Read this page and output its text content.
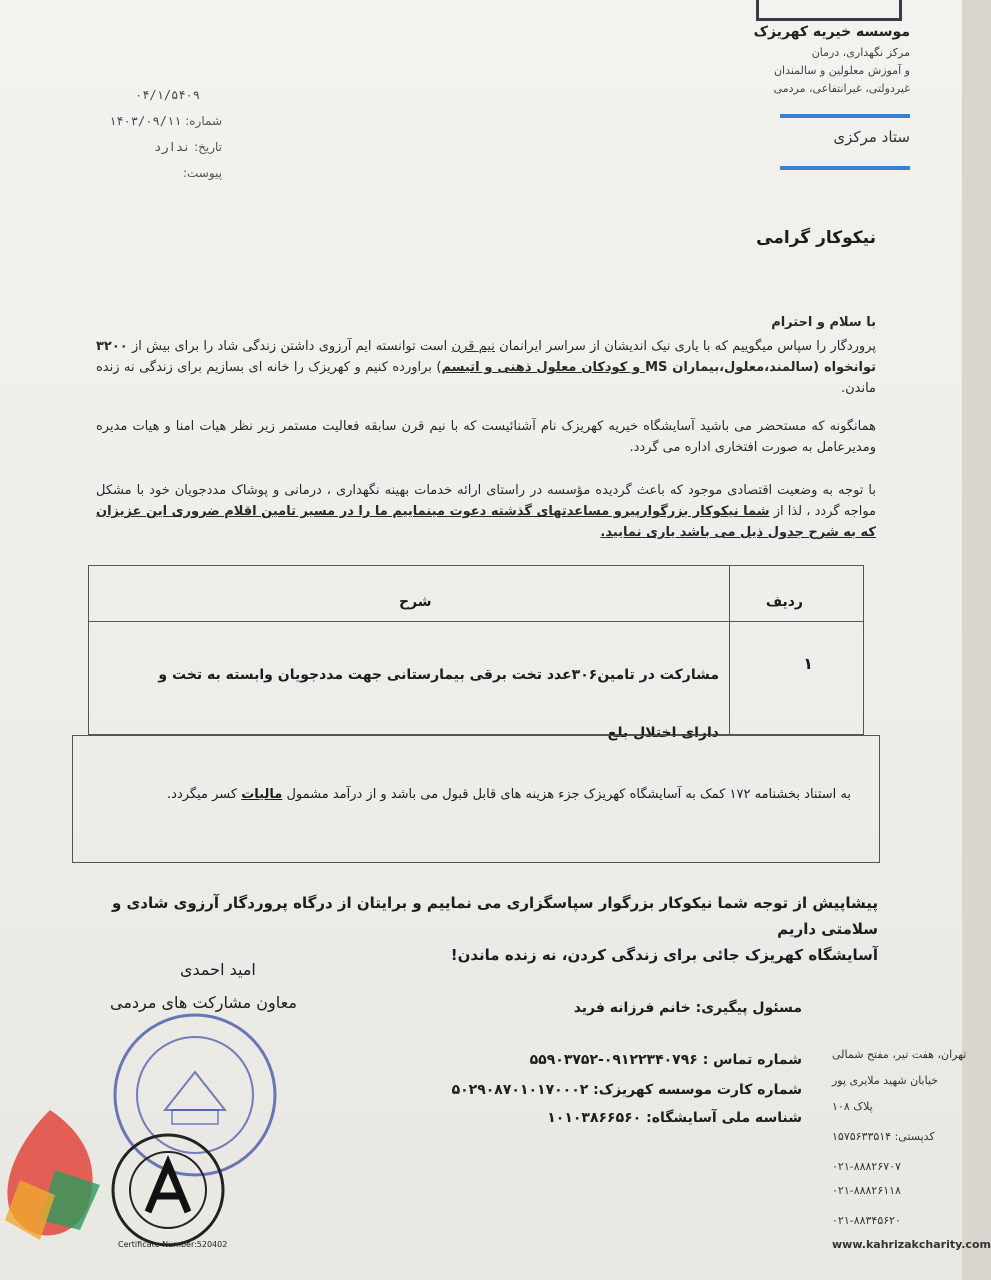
موسسه خیریه کهریزک
مرکز نگهداری، درمان
و آموزش معلولین و سالمندان
غیردولتی، غیرانتفاعی، مردمی
ستاد مرکزی
۰۴/۱/۵۴۰۹
شماره: ۱۴۰۳/۰۹/۱۱
تاریخ: ندارد
پیوست:
نیکوکار گرامی
با سلام و احترام
پروردگار را سپاس میگوییم که با یاری نیک اندیشان از سراسر ایرانمان نیم قرن است توانسته ایم آرزوی داشتن زندگی شاد را برای بیش از ۳۲۰۰ توانخواه (سالمند،معلول،بیماران MS و کودکان معلول ذهنی و اتیسم) براورده کنیم و کهریزک را خانه ای بسازیم برای زندگی نه زنده ماندن.
همانگونه که مستحضر می باشید آسایشگاه خیریه کهریزک نام آشنائیست که با نیم قرن سابقه فعالیت مستمر زیر نظر هیات امنا و هیات مدیره ومدیرعامل به صورت افتخاری اداره می گردد.
با توجه به وضعیت اقتصادی موجود که باعث گردیده مؤسسه در راستای ارائه خدمات بهینه نگهداری ، درمانی و پوشاک مددجویان خود با مشکل مواجه گردد ، لذا از شما نیکوکار بزرگوارپیرو مساعدتهای گذشته دعوت مینماییم ما را در مسیر تامین اقلام ضروری این عزیزان که به شرح جدول ذیل می باشد یاری نمایید.
ردیف
شرح
۱
مشارکت در تامین۳۰۶عدد تخت برقی بیمارستانی جهت مددجویان وابسته به تخت و دارای اختلال بلع
به استناد بخشنامه ۱۷۲ کمک به آسایشگاه کهریزک جزء هزینه های قابل قبول می باشد و از درآمد مشمول مالیات کسر میگردد.
پیشاپیش از توجه شما نیکوکار بزرگوار سپاسگزاری می نماییم و برایتان از درگاه پروردگار آرزوی شادی و سلامتی داریم
آسایشگاه کهریزک جائی برای زندگی کردن، نه زنده ماندن!
امید احمدی
معاون مشارکت های مردمی	مسئول پیگیری: خانم فرزانه فرید
شماره تماس : ۰۹۱۲۲۳۴۰۷۹۶-۵۵۹۰۳۷۵۲
شماره کارت موسسه کهریزک: ۵۰۲۹۰۸۷۰۱۰۱۷۰۰۰۲
شناسه ملی آسایشگاه: ۱۰۱۰۳۸۶۶۵۶۰
تهران، هفت تیر، مفتح شمالی
خیابان شهید ملایری پور
پلاک ۱۰۸
کدپستی: ۱۵۷۵۶۳۳۵۱۴
۰۲۱-۸۸۸۲۶۷۰۷
۰۲۱-۸۸۸۲۶۱۱۸
۰۲۱-۸۸۳۴۵۶۲۰
www.kahrizakcharity.com
Certificate Number:520402
